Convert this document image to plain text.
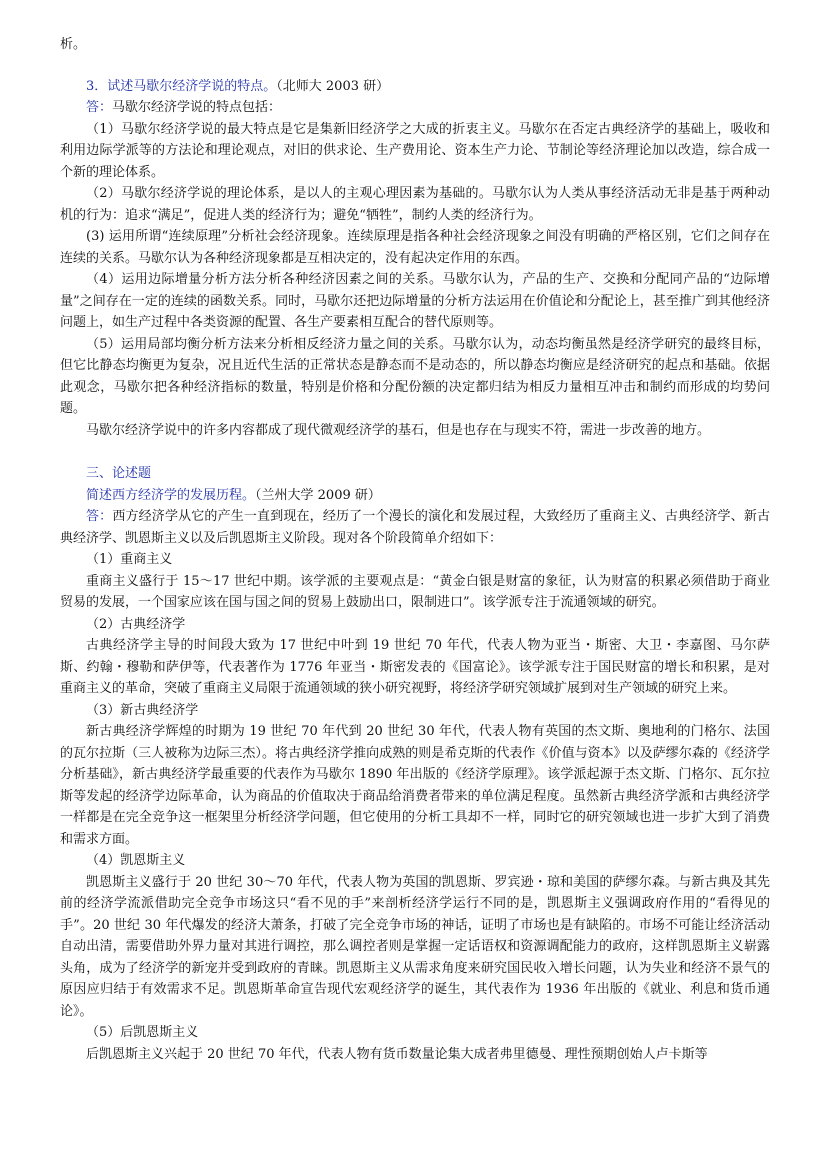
析。

3．试述马歇尔经济学说的特点。（北师大 2003 研）

答：马歇尔经济学说的特点包括：

（1）马歇尔经济学说的最大特点是它是集新旧经济学之大成的折衷主义。马歇尔在否定古典经济学的基础上，吸收和利用边际学派等的方法论和理论观点，对旧的供求论、生产费用论、资本生产力论、节制论等经济理论加以改造，综合成一个新的理论体系。

（2）马歇尔经济学说的理论体系，是以人的主观心理因素为基础的。马歇尔认为人类从事经济活动无非是基于两种动机的行为：追求“满足”，促进人类的经济行为；避免“牺牲”，制约人类的经济行为。

(3) 运用所谓“连续原理”分析社会经济现象。连续原理是指各种社会经济现象之间没有明确的严格区别，它们之间存在连续的关系。马歇尔认为各种经济现象都是互相决定的，没有起决定作用的东西。

（4）运用边际增量分析方法分析各种经济因素之间的关系。马歇尔认为，产品的生产、交换和分配同产品的“边际增量”之间存在一定的连续的函数关系。同时，马歇尔还把边际增量的分析方法运用在价值论和分配论上，甚至推广到其他经济问题上，如生产过程中各类资源的配置、各生产要素相互配合的替代原则等。

（5）运用局部均衡分析方法来分析相反经济力量之间的关系。马歇尔认为，动态均衡虽然是经济学研究的最终目标，但它比静态均衡更为复杂，况且近代生活的正常状态是静态而不是动态的，所以静态均衡应是经济研究的起点和基础。依据此观念，马歇尔把各种经济指标的数量，特别是价格和分配份额的决定都归结为相反力量相互冲击和制约而形成的均势问题。

马歇尔经济学说中的许多内容都成了现代微观经济学的基石，但是也存在与现实不符，需进一步改善的地方。

三、论述题

简述西方经济学的发展历程。（兰州大学 2009 研）

答：西方经济学从它的产生一直到现在，经历了一个漫长的演化和发展过程，大致经历了重商主义、古典经济学、新古典经济学、凯恩斯主义以及后凯恩斯主义阶段。现对各个阶段简单介绍如下：

（1）重商主义

重商主义盛行于 15～17 世纪中期。该学派的主要观点是：“黄金白银是财富的象征，认为财富的积累必须借助于商业贸易的发展，一个国家应该在国与国之间的贸易上鼓励出口，限制进口”。该学派专注于流通领域的研究。

（2）古典经济学

古典经济学主导的时间段大致为 17 世纪中叶到 19 世纪 70 年代，代表人物为亚当・斯密、大卫・李嘉图、马尔萨斯、约翰・穆勒和萨伊等，代表著作为 1776 年亚当・斯密发表的《国富论》。该学派专注于国民财富的增长和积累，是对重商主义的革命，突破了重商主义局限于流通领域的狭小研究视野，将经济学研究领域扩展到对生产领域的研究上来。

（3）新古典经济学

新古典经济学辉煌的时期为 19 世纪 70 年代到 20 世纪 30 年代，代表人物有英国的杰文斯、奥地利的门格尔、法国的瓦尔拉斯（三人被称为边际三杰）。将古典经济学推向成熟的则是希克斯的代表作《价值与资本》以及萨缪尔森的《经济学分析基础》，新古典经济学最重要的代表作为马歇尔 1890 年出版的《经济学原理》。该学派起源于杰文斯、门格尔、瓦尔拉斯等发起的经济学边际革命，认为商品的价值取决于商品给消费者带来的单位满足程度。虽然新古典经济学派和古典经济学一样都是在完全竞争这一框架里分析经济学问题，但它使用的分析工具却不一样，同时它的研究领域也进一步扩大到了消费和需求方面。

（4）凯恩斯主义

凯恩斯主义盛行于 20 世纪 30～70 年代，代表人物为英国的凯恩斯、罗宾逊・琼和美国的萨缪尔森。与新古典及其先前的经济学流派借助完全竞争市场这只“看不见的手”来剖析经济学运行不同的是，凯恩斯主义强调政府作用的“看得见的手”。20 世纪 30 年代爆发的经济大萧条，打破了完全竞争市场的神话，证明了市场也是有缺陷的。市场不可能让经济活动自动出清，需要借助外界力量对其进行调控，那么调控者则是掌握一定话语权和资源调配能力的政府，这样凯恩斯主义崭露头角，成为了经济学的新宠并受到政府的青睐。凯恩斯主义从需求角度来研究国民收入增长问题，认为失业和经济不景气的原因应归结于有效需求不足。凯恩斯革命宣告现代宏观经济学的诞生，其代表作为 1936 年出版的《就业、利息和货币通论》。

（5）后凯恩斯主义

后凯恩斯主义兴起于 20 世纪 70 年代，代表人物有货币数量论集大成者弗里德曼、理性预期创始人卢卡斯等
